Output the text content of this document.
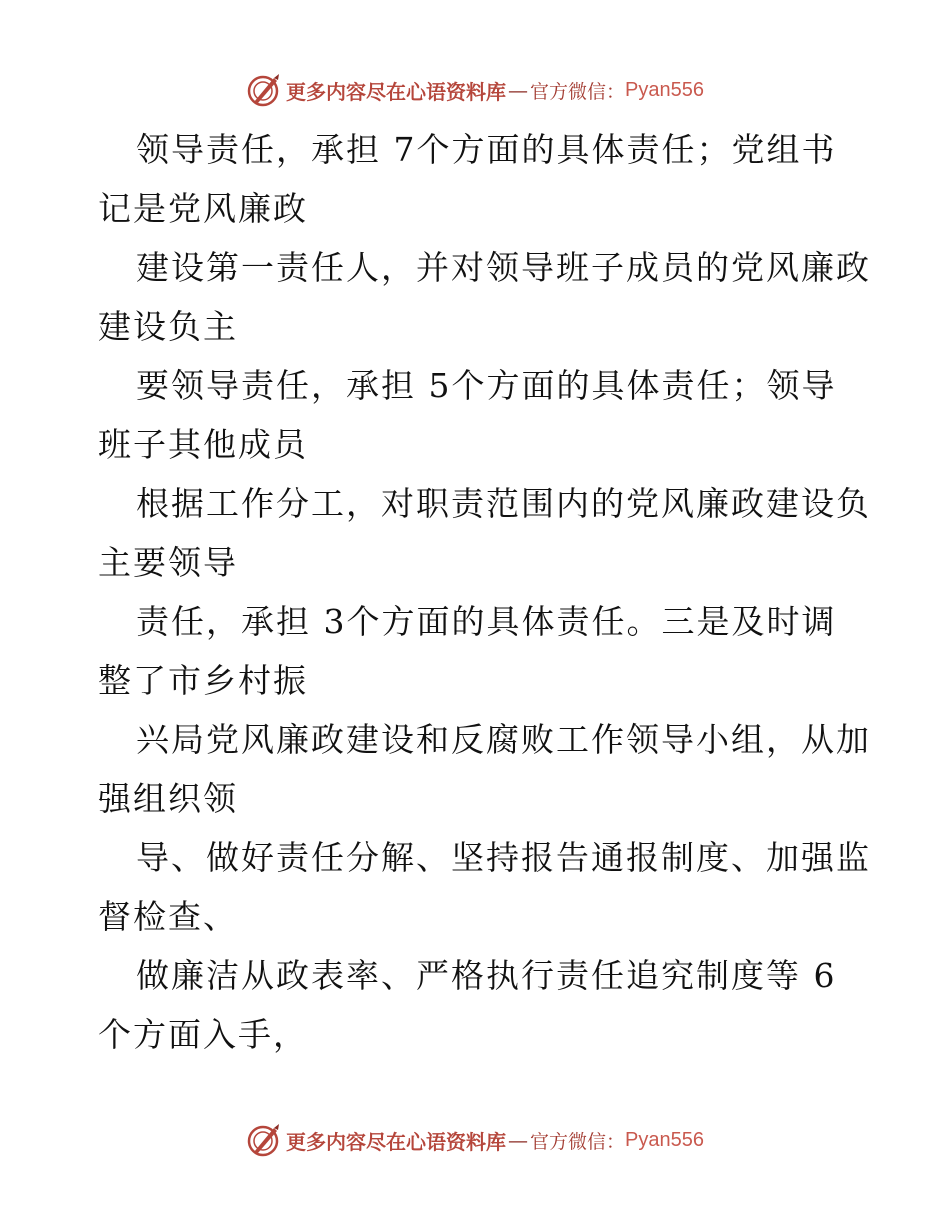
更多内容尽在心语资料库 — 官方微信： Pyan556
领导责任，承担 7个方面的具体责任；党组书
记是党风廉政
建设第一责任人，并对领导班子成员的党风廉政
建设负主
要领导责任，承担 5个方面的具体责任；领导
班子其他成员
根据工作分工，对职责范围内的党风廉政建设负
主要领导
责任，承担 3个方面的具体责任。三是及时调
整了市乡村振
兴局党风廉政建设和反腐败工作领导小组，从加
强组织领
导、做好责任分解、坚持报告通报制度、加强监
督检查、
做廉洁从政表率、严格执行责任追究制度等 6
个方面入手，
更多内容尽在心语资料库 — 官方微信： Pyan556
